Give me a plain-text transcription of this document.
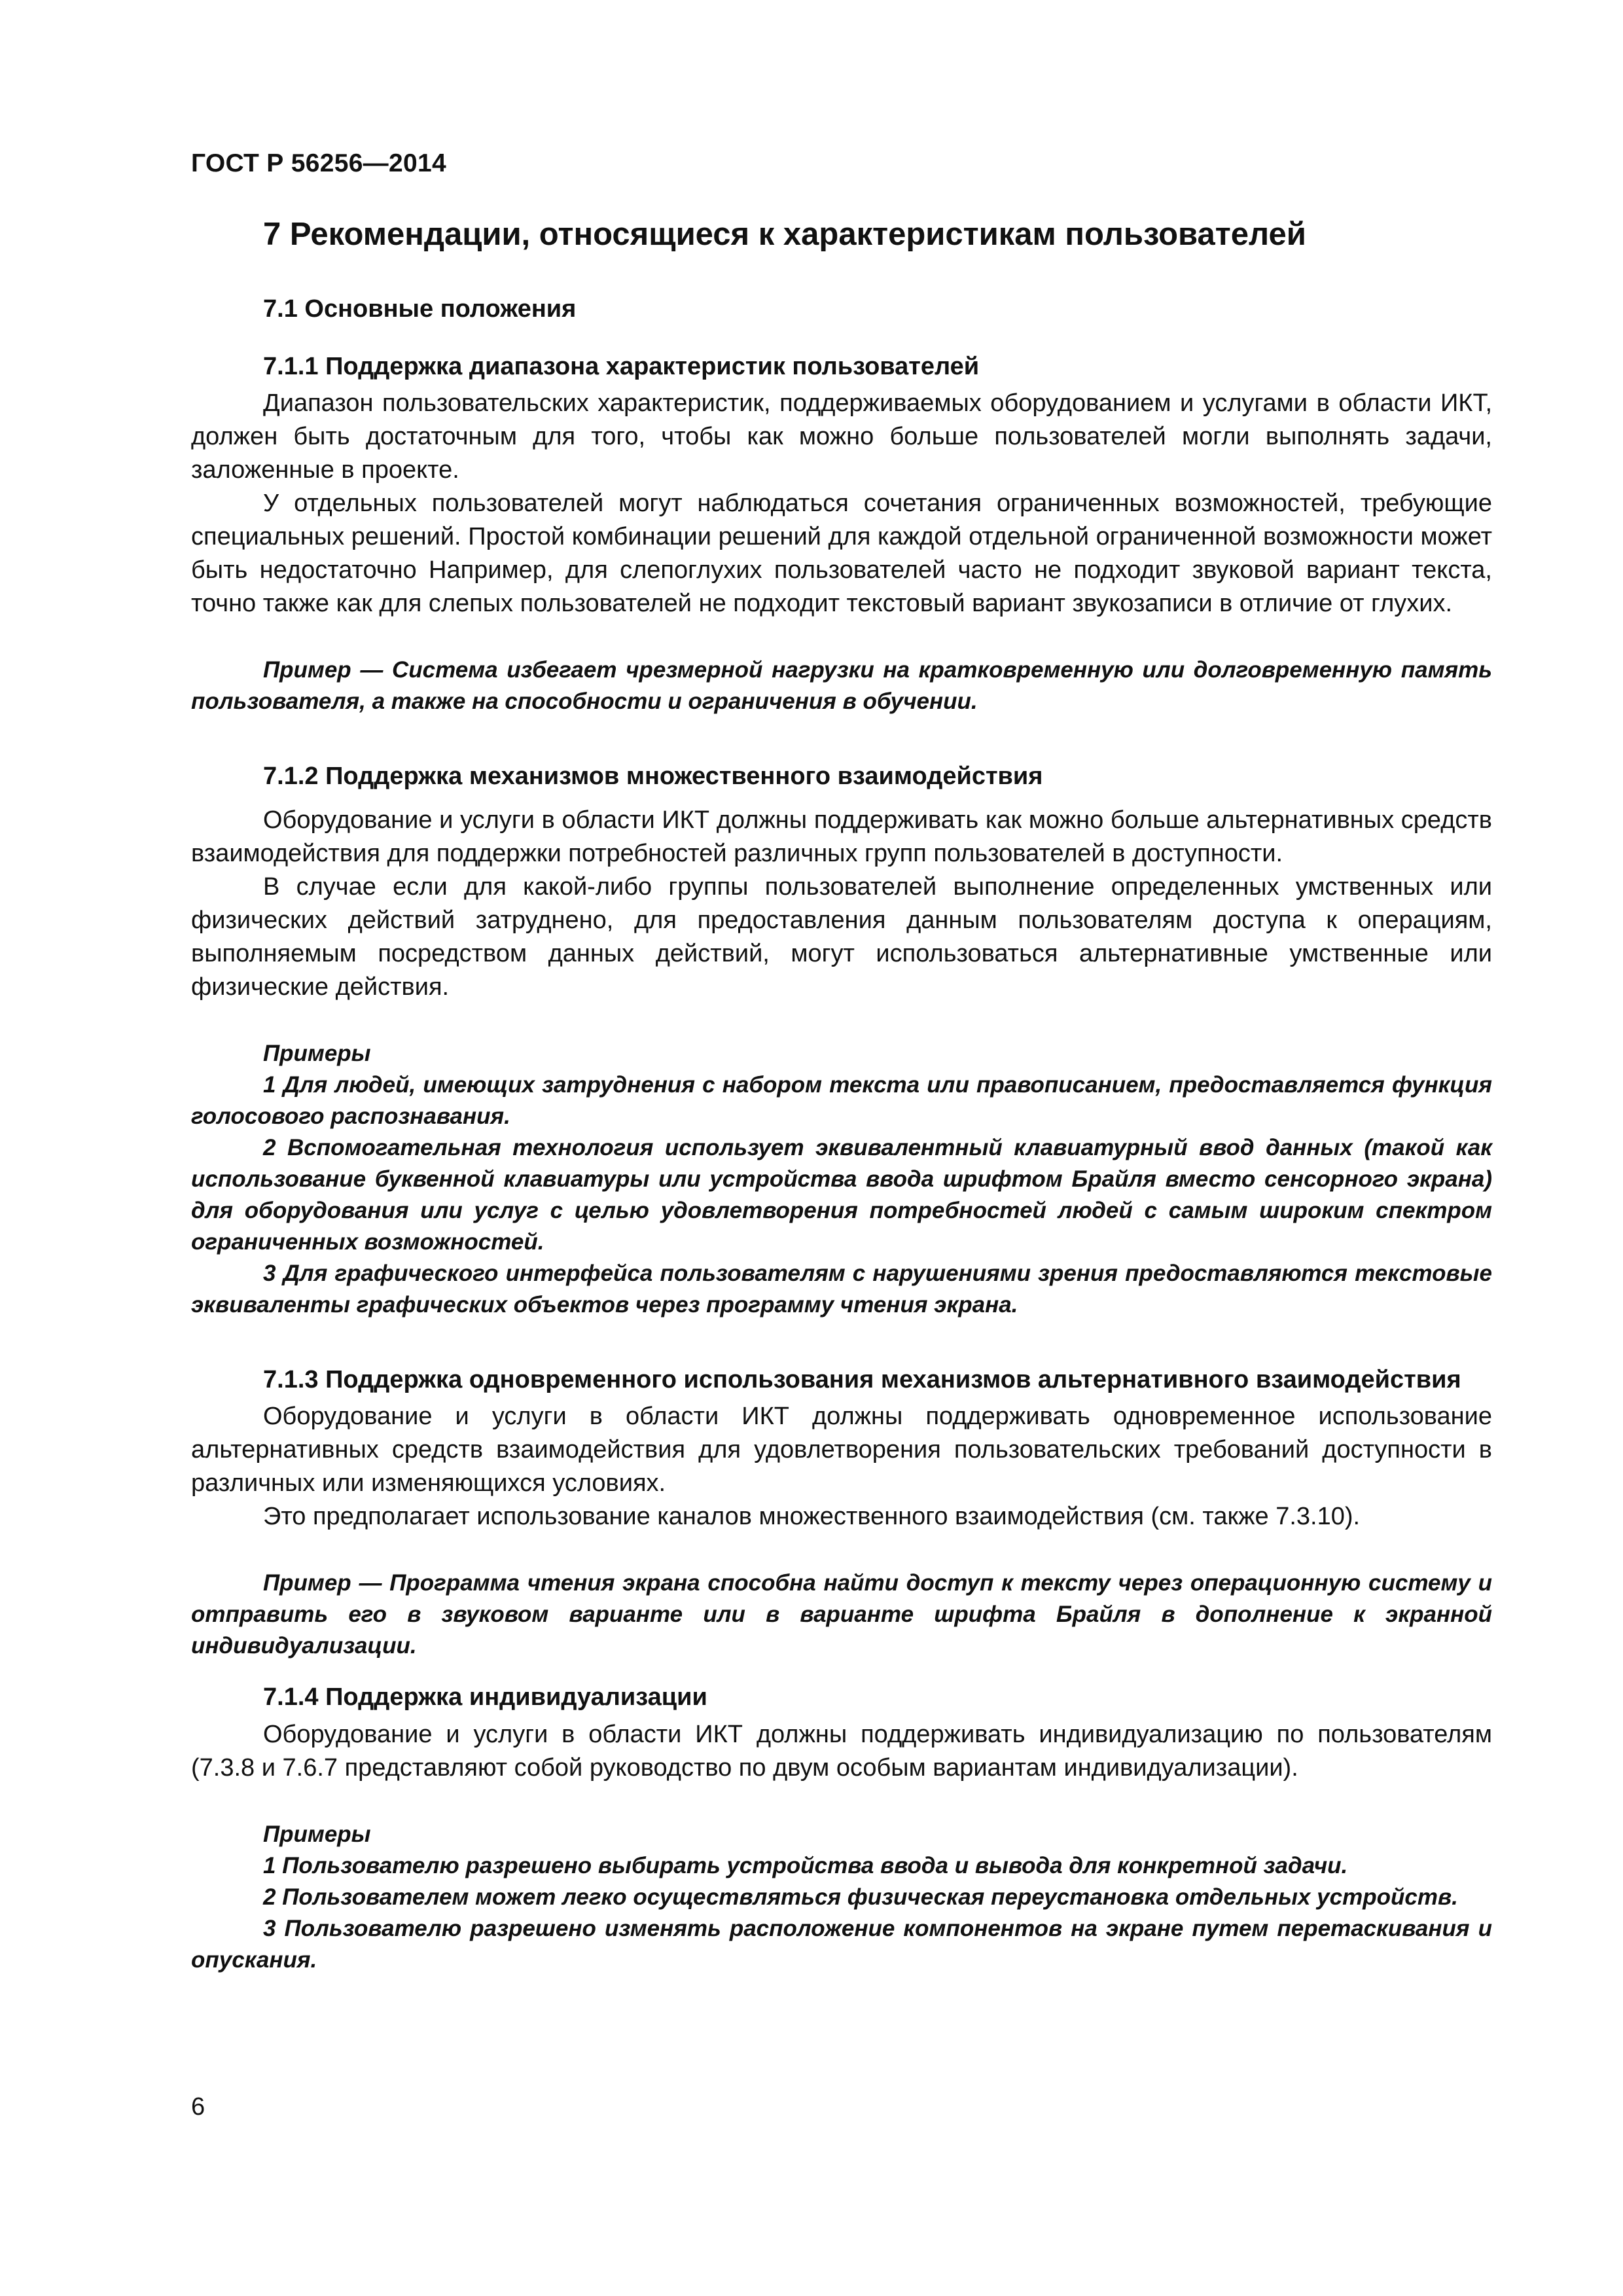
ГОСТ Р 56256—2014
7 Рекомендации, относящиеся к характеристикам пользователей
7.1 Основные положения
7.1.1 Поддержка диапазона характеристик пользователей

Диапазон пользовательских характеристик, поддерживаемых оборудованием и услугами в области ИКТ, должен быть достаточным для того, чтобы как можно больше пользователей могли выполнять задачи, заложенные в проекте.

У отдельных пользователей могут наблюдаться сочетания ограниченных возможностей, требующие специальных решений. Простой комбинации решений для каждой отдельной ограниченной возможности может быть недостаточно Например, для слепоглухих пользователей часто не подходит звуковой вариант текста, точно также как для слепых пользователей не подходит текстовый вариант звукозаписи в отличие от глухих.

Пример — Система избегает чрезмерной нагрузки на кратковременную или долговременную память пользователя, а также на способности и ограничения в обучении.

7.1.2 Поддержка механизмов множественного взаимодействия

Оборудование и услуги в области ИКТ должны поддерживать как можно больше альтернативных средств взаимодействия для поддержки потребностей различных групп пользователей в доступности.

В случае если для какой-либо группы пользователей выполнение определенных умственных или физических действий затруднено, для предоставления данным пользователям доступа к операциям, выполняемым посредством данных действий, могут использоваться альтернативные умственные или физические действия.

Примеры

1 Для людей, имеющих затруднения с набором текста или правописанием, предоставляется функция голосового распознавания.

2 Вспомогательная технология использует эквивалентный клавиатурный ввод данных (такой как использование буквенной клавиатуры или устройства ввода шрифтом Брайля вместо сенсорного экрана) для оборудования или услуг с целью удовлетворения потребностей людей с самым широким спектром ограниченных возможностей.

3 Для графического интерфейса пользователям с нарушениями зрения предоставляются текстовые эквиваленты графических объектов через программу чтения экрана.

7.1.3 Поддержка одновременного использования механизмов альтернативного взаимодействия

Оборудование и услуги в области ИКТ должны поддерживать одновременное использование альтернативных средств взаимодействия для удовлетворения пользовательских требований доступности в различных или изменяющихся условиях.

Это предполагает использование каналов множественного взаимодействия (см. также 7.3.10).

Пример — Программа чтения экрана способна найти доступ к тексту через операционную систему и отправить его в звуковом варианте или в варианте шрифта Брайля в дополнение к экранной индивидуализации.

7.1.4 Поддержка индивидуализации

Оборудование и услуги в области ИКТ должны поддерживать индивидуализацию по пользователям (7.3.8 и 7.6.7 представляют собой руководство по двум особым вариантам индивидуализации).

Примеры

1 Пользователю разрешено выбирать устройства ввода и вывода для конкретной задачи.

2 Пользователем может легко осуществляться физическая переустановка отдельных устройств.

3 Пользователю разрешено изменять расположение компонентов на экране путем перетаскивания и опускания.

6
